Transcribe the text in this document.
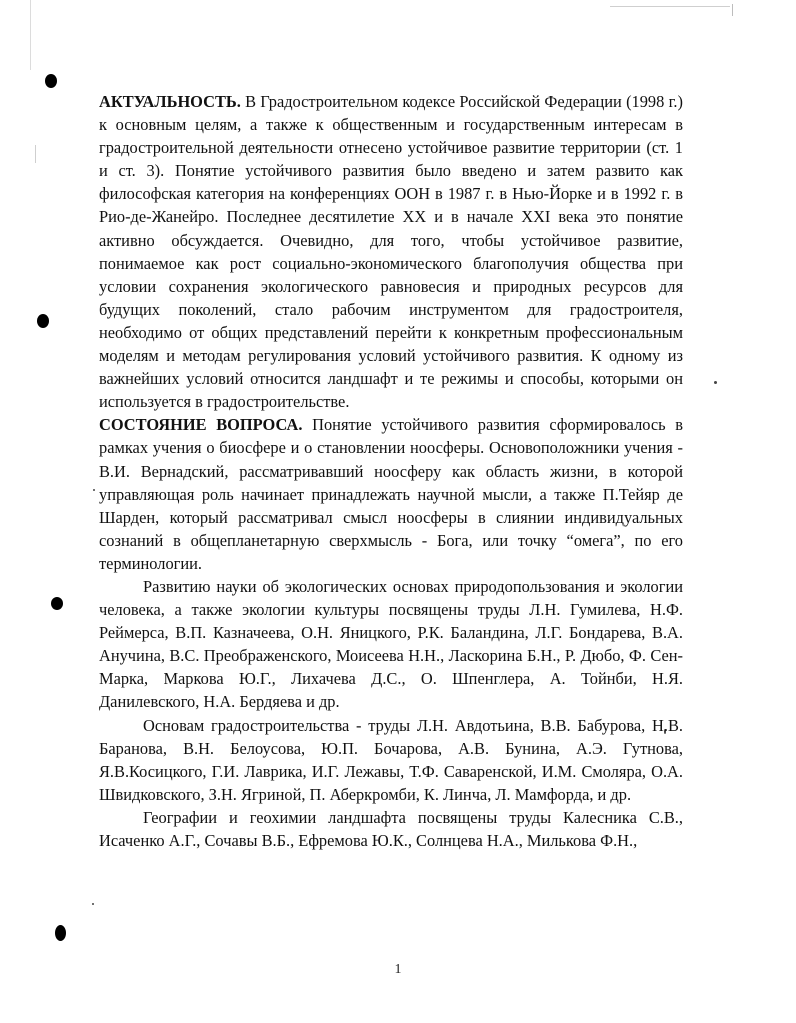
АКТУАЛЬНОСТЬ. В Градостроительном кодексе Российской Федерации (1998 г.) к основным целям, а также к общественным и государственным интересам в градостроительной деятельности отнесено устойчивое развитие территории (ст. 1 и ст. 3). Понятие устойчивого развития было введено и затем развито как философская категория на конференциях ООН в 1987 г. в Нью-Йорке и в 1992 г. в Рио-де-Жанейро. Последнее десятилетие XX и в начале XXI века это понятие активно обсуждается. Очевидно, для того, чтобы устойчивое развитие, понимаемое как рост социально-экономического благополучия общества при условии сохранения экологического равновесия и природных ресурсов для будущих поколений, стало рабочим инструментом для градостроителя, необходимо от общих представлений перейти к конкретным профессиональным моделям и методам регулирования условий устойчивого развития. К одному из важнейших условий относится ландшафт и те режимы и способы, которыми он используется в градостроительстве.

СОСТОЯНИЕ ВОПРОСА. Понятие устойчивого развития сформировалось в рамках учения о биосфере и о становлении ноосферы. Основоположники учения - В.И. Вернадский, рассматривавший ноосферу как область жизни, в которой управляющая роль начинает принадлежать научной мысли, а также П.Тейяр де Шарден, который рассматривал смысл ноосферы в слиянии индивидуальных сознаний в общепланетарную сверхмысль - Бога, или точку “омега”, по его терминологии.

Развитию науки об экологических основах природопользования и экологии человека, а также экологии культуры посвящены труды Л.Н. Гумилева, Н.Ф. Реймерса, В.П. Казначеева, О.Н. Яницкого, Р.К. Баландина, Л.Г. Бондарева, В.А. Анучина, В.С. Преображенского, Моисеева Н.Н., Ласкорина Б.Н., Р. Дюбо, Ф. Сен-Марка, Маркова Ю.Г., Лихачева Д.С., О. Шпенглера, А. Тойнби, Н.Я. Данилевского, Н.А. Бердяева и др.

Основам градостроительства - труды Л.Н. Авдотьина, В.В. Бабурова, Н.В. Баранова, В.Н. Белоусова, Ю.П. Бочарова, А.В. Бунина, А.Э. Гутнова, Я.В.Косицкого, Г.И. Лаврика, И.Г. Лежавы, Т.Ф. Саваренской, И.М. Смоляра, О.А. Швидковского, З.Н. Ягриной, П. Аберкромби, К. Линча, Л. Мамфорда, и др.

Географии и геохимии ландшафта посвящены труды Калесника С.В., Исаченко А.Г., Сочавы В.Б., Ефремова Ю.К., Солнцева Н.А., Милькова Ф.Н.,

1
